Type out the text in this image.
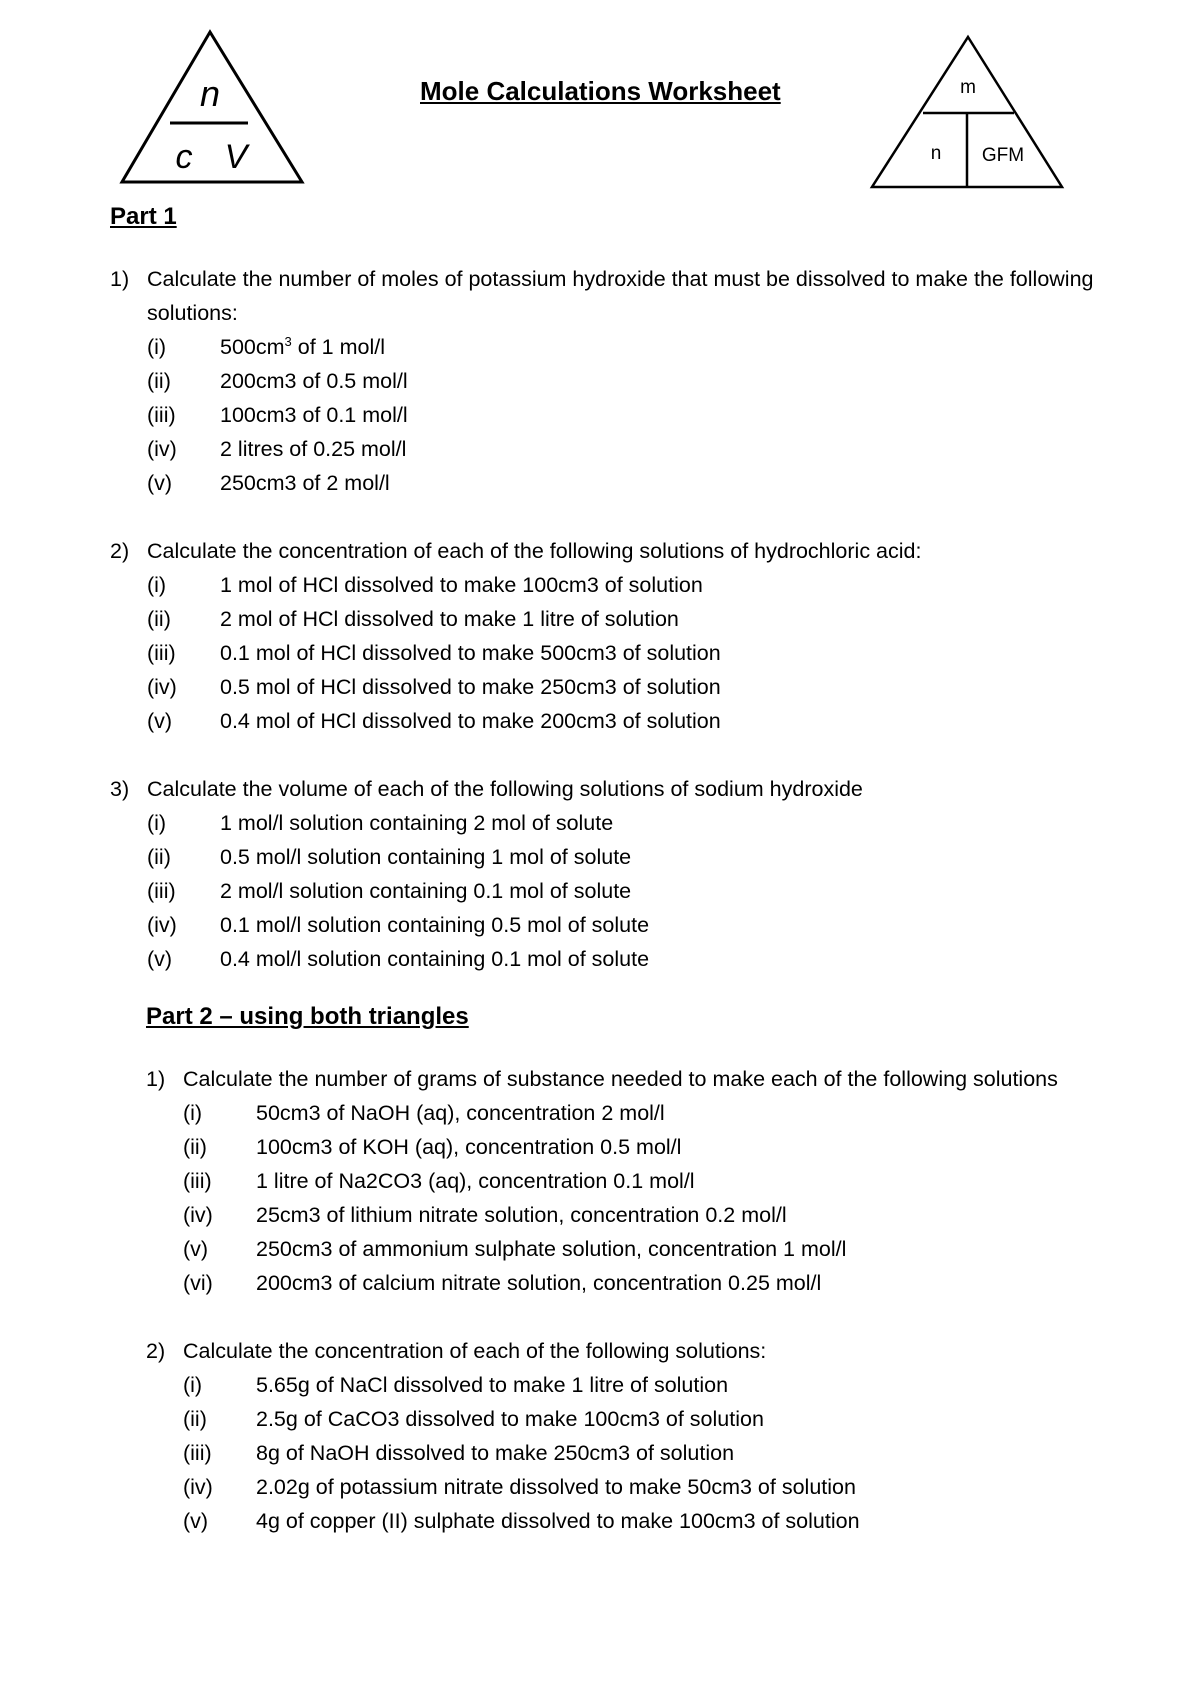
n
c V
Mole Calculations Worksheet	m
n GFM
Part 1
1) Calculate the number of moles of potassium hydroxide that must be dissolved to make the following
solutions:
(i)	$500cm^3$ of 1 mol/l
(ii) 200cm3 of 0.5 mol/l
(iii) 100cm3 of 0.1 mol/l
(iv) 2 litres of 0.25 mol/l
(v) 250cm3 of 2 mol/l
2) Calculate the concentration of each of the following solutions of hydrochloric acid:
(i)	1 mol of HCl dissolved to make 100cm3 of solution
(ii) 2 mol of HCl dissolved to make 1 litre of solution
(iii) 0.1 mol of HCl dissolved to make 500cm3 of solution
(iv) 0.5 mol of HCl dissolved to make 250cm3 of solution
(v) 0.4 mol of HCl dissolved to make 200cm3 of solution
3) Calculate the volume of each of the following solutions of sodium hydroxide
(i)	1 mol/l solution containing 2 mol of solute
(ii) 0.5 mol/l solution containing 1 mol of solute
(iii) 2 mol/l solution containing 0.1 mol of solute
(iv) 0.1 mol/l solution containing 0.5 mol of solute
(v) 0.4 mol/l solution containing 0.1 mol of solute
Part 2 – using both triangles
1) Calculate the number of grams of substance needed to make each of the following solutions
(i)	50cm3 of NaOH (aq), concentration 2 mol/l
(ii) 100cm3 of KOH (aq), concentration 0.5 mol/l
(iii) 1 litre of Na2CO3 (aq), concentration 0.1 mol/l
(iv) 25cm3 of lithium nitrate solution, concentration 0.2 mol/l
(v) 250cm3 of ammonium sulphate solution, concentration 1 mol/l
(vi) 200cm3 of calcium nitrate solution, concentration 0.25 mol/l
2) Calculate the concentration of each of the following solutions:
(i)	5.65g of NaCl dissolved to make 1 litre of solution
(ii) 2.5g of CaCO3 dissolved to make 100cm3 of solution
(iii) 8g of NaOH dissolved to make 250cm3 of solution
(iv) 2.02g of potassium nitrate dissolved to make 50cm3 of solution
(v) 4g of copper (II) sulphate dissolved to make 100cm3 of solution
